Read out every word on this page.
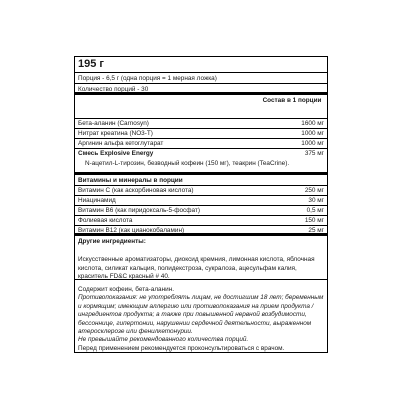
195 г
Порция - 6,5 г (одна порция = 1 мерная ложка)
Количество порций - 30
Состав в 1 порции
Бета-аланин (Carnosyn)	1600 мг
Нитрат креатина (NO3-T)	1000 мг
Аргинин альфа кетоглутарат	1000 мг
Смесь Explosive Energy	375 мг
N-ацетил-L-тирозин, безводный кофеин (150 мг), теакрин (TeaCrine).
Витамины и минералы в порции
Витамин С (как аскорбиновая кислота)	250 мг
Ниацинамид	30 мг
Витамин В6 (как пиридоксаль-5-фосфат)	0,5 мг
Фолиевая кислота	150 мг
Витамин В12 (как цианокобаламин)	25 мг
Другие ингредиенты:
Искусственные ароматизаторы, диоксид кремния, лимонная кислота, яблочная кислота, силикат кальция, полидекстроза, сукралоза, ацесульфам калия, краситель FD&C красный # 40.

Содержит кофеин, бета-аланин.

Противопоказания: не употреблять лицам, не достигшим 18 лет; беременным и кормящим; имеющим аллергию или противопоказания на прием продукта / ингредиентов продукта; а также при повышенной нервной возбудимости, бессоннице, гипертонии, нарушении сердечной деятельности, выраженном атеросклерозе или фенилкетонурии.

Не превышайте рекомендованного количества порций.

Перед применением рекомендуется проконсультироваться с врачом.
